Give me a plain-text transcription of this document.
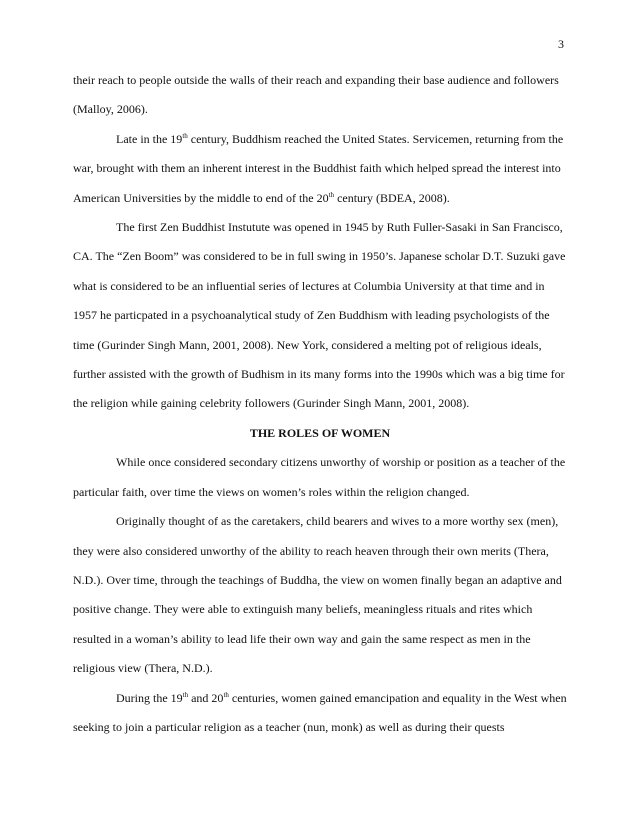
3

their reach to people outside the walls of their reach and expanding their base audience and followers (Malloy, 2006).

Late in the 19th century, Buddhism reached the United States. Servicemen, returning from the war, brought with them an inherent interest in the Buddhist faith which helped spread the interest into American Universities by the middle to end of the 20th century (BDEA, 2008).

The first Zen Buddhist Instutute was opened in 1945 by Ruth Fuller-Sasaki in San Francisco, CA. The “Zen Boom” was considered to be in full swing in 1950’s. Japanese scholar D.T. Suzuki gave what is considered to be an influential series of lectures at Columbia University at that time and in 1957 he particpated in a psychoanalytical study of Zen Buddhism with leading psychologists of the time (Gurinder Singh Mann, 2001, 2008). New York, considered a melting pot of religious ideals, further assisted with the growth of Budhism in its many forms into the 1990s which was a big time for the religion while gaining celebrity followers (Gurinder Singh Mann, 2001, 2008).

THE ROLES OF WOMEN

While once considered secondary citizens unworthy of worship or position as a teacher of the particular faith, over time the views on women’s roles within the religion changed.

Originally thought of as the caretakers, child bearers and wives to a more worthy sex (men), they were also considered unworthy of the ability to reach heaven through their own merits (Thera, N.D.). Over time, through the teachings of Buddha, the view on women finally began an adaptive and positive change. They were able to extinguish many beliefs, meaningless rituals and rites which resulted in a woman’s ability to lead life their own way and gain the same respect as men in the religious view (Thera, N.D.).

During the 19th and 20th centuries, women gained emancipation and equality in the West when seeking to join a particular religion as a teacher (nun, monk) as well as during their quests
